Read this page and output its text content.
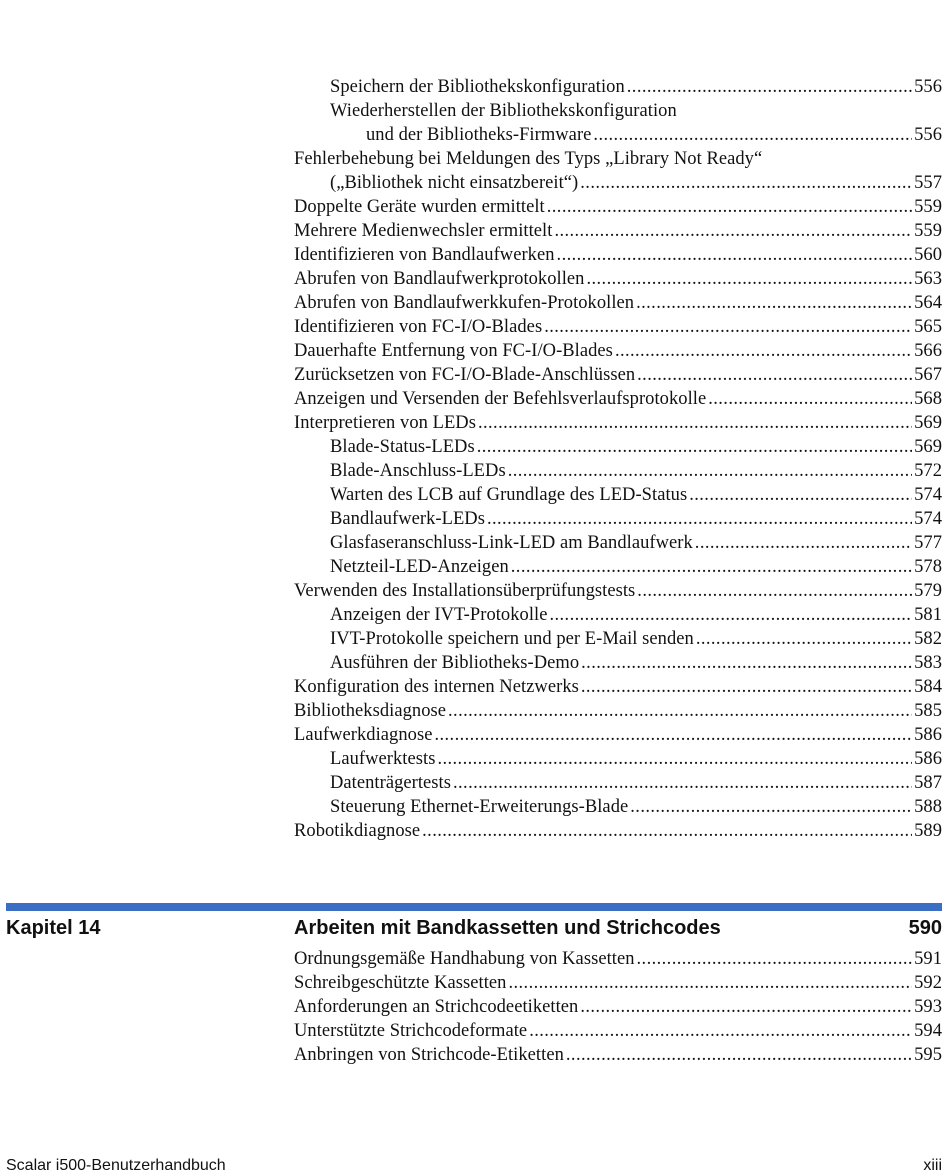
Speichern der Bibliothekskonfiguration .....	556
Wiederherstellen der Bibliothekskonfiguration
und der Bibliotheks-Firmware .....	556
Fehlerbehebung bei Meldungen des Typs „Library Not Ready“
(„Bibliothek nicht einsatzbereit“) .....	557
Doppelte Geräte wurden ermittelt .....	559
Mehrere Medienwechsler ermittelt .....	559
Identifizieren von Bandlaufwerken .....	560
Abrufen von Bandlaufwerkprotokollen .....	563
Abrufen von Bandlaufwerkkufen-Protokollen .....	564
Identifizieren von FC-I/O-Blades .....	565
Dauerhafte Entfernung von FC-I/O-Blades .....	566
Zurücksetzen von FC-I/O-Blade-Anschlüssen .....	567
Anzeigen und Versenden der Befehlsverlaufsprotokolle .....	568
Interpretieren von LEDs .....	569
Blade-Status-LEDs .....	569
Blade-Anschluss-LEDs .....	572
Warten des LCB auf Grundlage des LED-Status .....	574
Bandlaufwerk-LEDs .....	574
Glasfaseranschluss-Link-LED am Bandlaufwerk .....	577
Netzteil-LED-Anzeigen .....	578
Verwenden des Installationsüberprüfungstests .....	579
Anzeigen der IVT-Protokolle .....	581
IVT-Protokolle speichern und per E-Mail senden .....	582
Ausführen der Bibliotheks-Demo .....	583
Konfiguration des internen Netzwerks .....	584
Bibliotheksdiagnose .....	585
Laufwerkdiagnose .....	586
Laufwerktests .....	586
Datenträgertests .....	587
Steuerung Ethernet-Erweiterungs-Blade .....	588
Robotikdiagnose .....	589
Kapitel 14	Arbeiten mit Bandkassetten und Strichcodes	590
Ordnungsgemäße Handhabung von Kassetten .....	591
Schreibgeschützte Kassetten .....	592
Anforderungen an Strichcodeetiketten .....	593
Unterstützte Strichcodeformate .....	594
Anbringen von Strichcode-Etiketten .....	595
Scalar i500-Benutzerhandbuch	xiii
